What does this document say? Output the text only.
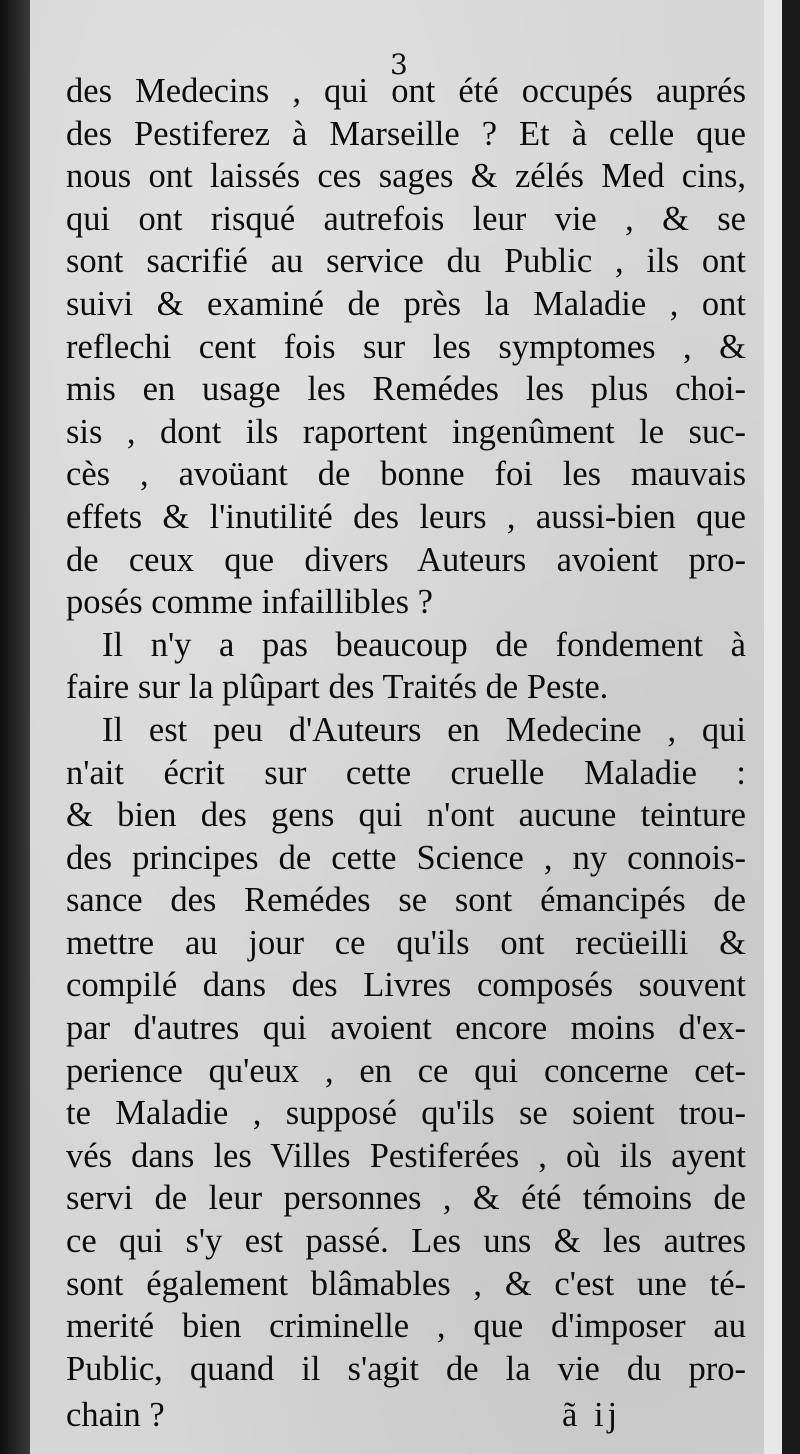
3
des Medecins , qui ont été occupés auprés
des Pestiferez à Marseille ? Et à celle que
nous ont laissés ces sages & zélés Med cins,
qui ont risqué autrefois leur vie , & se
sont sacrifié au service du Public , ils ont
suivi & examiné de près la Maladie , ont
reflechi cent fois sur les symptomes , &
mis en usage les Remédes les plus choi-
sis , dont ils raportent ingenûment le suc-
cès , avoüant de bonne foi les mauvais
effets & l'inutilité des leurs , aussi-bien que
de ceux que divers Auteurs avoient pro-
posés comme infaillibles ?
Il n'y a pas beaucoup de fondement à
faire sur la plûpart des Traités de Peste.
Il est peu d'Auteurs en Medecine , qui
n'ait écrit sur cette cruelle Maladie :
& bien des gens qui n'ont aucune teinture
des principes de cette Science , ny connois-
sance des Remédes se sont émancipés de
mettre au jour ce qu'ils ont recüeilli &
compilé dans des Livres composés souvent
par d'autres qui avoient encore moins d'ex-
perience qu'eux , en ce qui concerne cet-
te Maladie , supposé qu'ils se soient trou-
vés dans les Villes Pestiferées , où ils ayent
servi de leur personnes , & été témoins de
ce qui s'y est passé. Les uns & les autres
sont également blâmables , & c'est une té-
merité bien criminelle , que d'imposer au
Public, quand il s'agit de la vie du pro-
chain ?	ã ij
